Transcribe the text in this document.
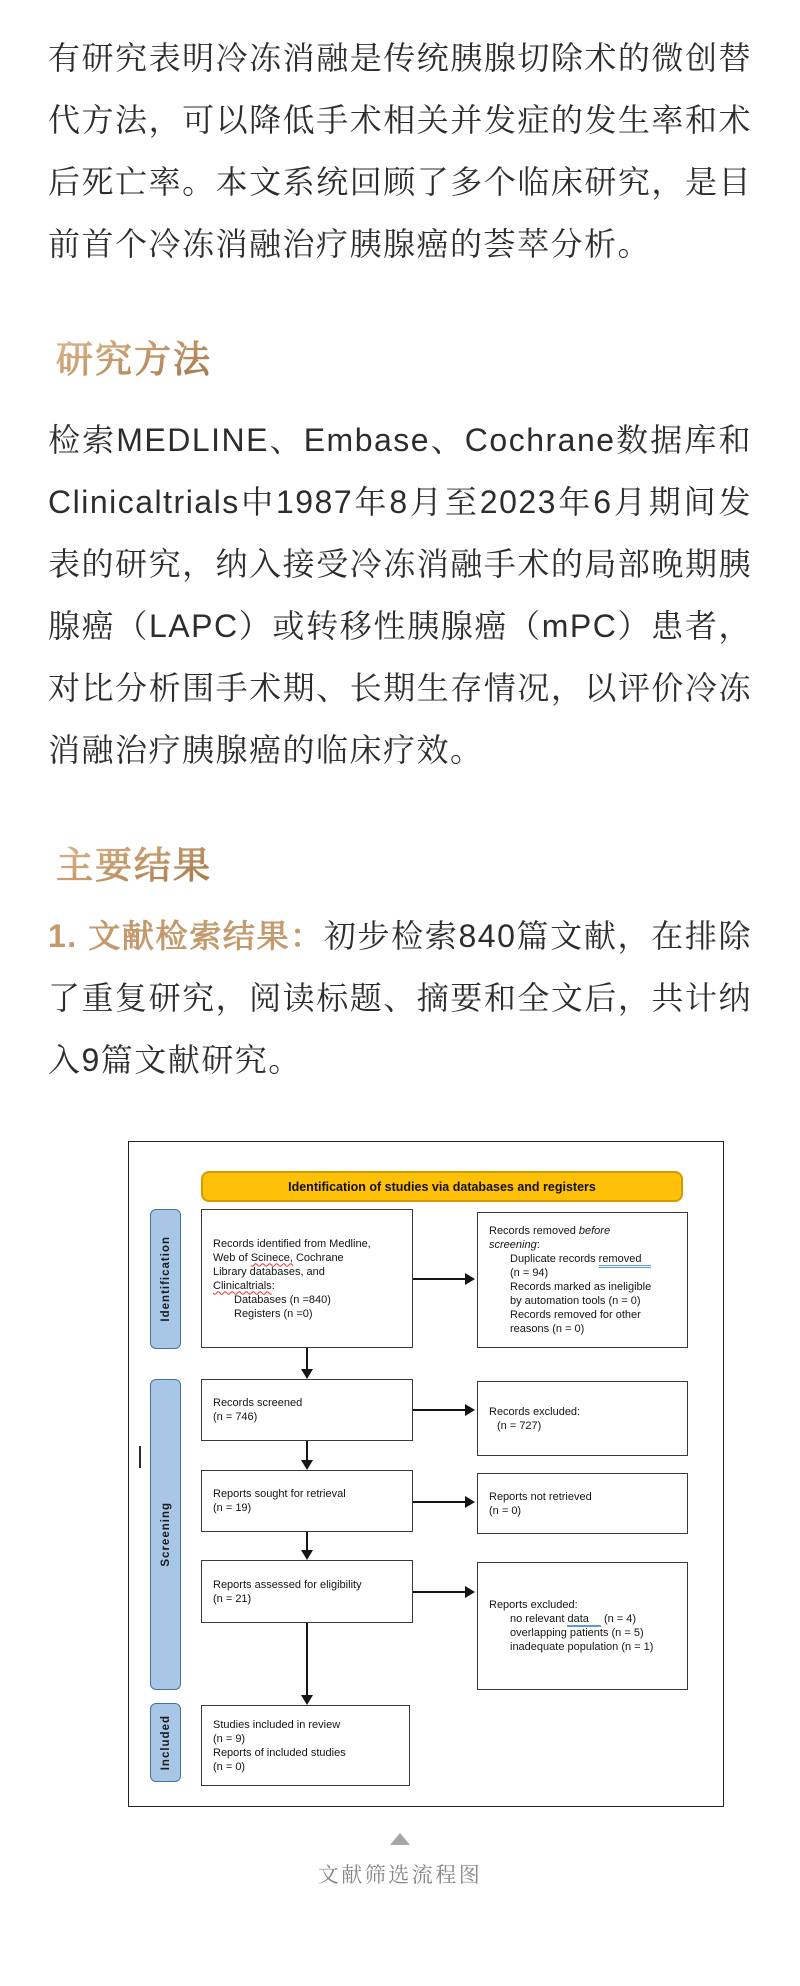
有研究表明冷冻消融是传统胰腺切除术的微创替代方法，可以降低手术相关并发症的发生率和术后死亡率。本文系统回顾了多个临床研究，是目前首个冷冻消融治疗胰腺癌的荟萃分析。

研究方法

检索MEDLINE、Embase、Cochrane数据库和Clinicaltrials中1987年8月至2023年6月期间发表的研究，纳入接受冷冻消融手术的局部晚期胰腺癌（LAPC）或转移性胰腺癌（mPC）患者，对比分析围手术期、长期生存情况，以评价冷冻消融治疗胰腺癌的临床疗效。

主要结果

1. 文献检索结果：初步检索840篇文献，在排除了重复研究，阅读标题、摘要和全文后，共计纳入9篇文献研究。

Identification of studies via databases and registers
Identification
Screening
Included
Records identified from Medline,
Web of Scinece, Cochrane
Library databases, and
Clinicaltrials:
Databases (n =840)
Registers (n =0)
Records removed before
screening:
Duplicate records removed
(n = 94)
Records marked as ineligible
by automation tools (n = 0)
Records removed for other
reasons (n = 0)
Records screened
(n = 746)	Records excluded:
(n = 727)
Reports sought for retrieval
(n = 19)
Reports not retrieved
(n = 0)
Reports assessed for eligibility
(n = 21)
Reports excluded:
no relevant data (n = 4)
overlapping patients (n = 5)
inadequate population (n = 1)
Studies included in review
(n = 9)
Reports of included studies
(n = 0)
文献筛选流程图
